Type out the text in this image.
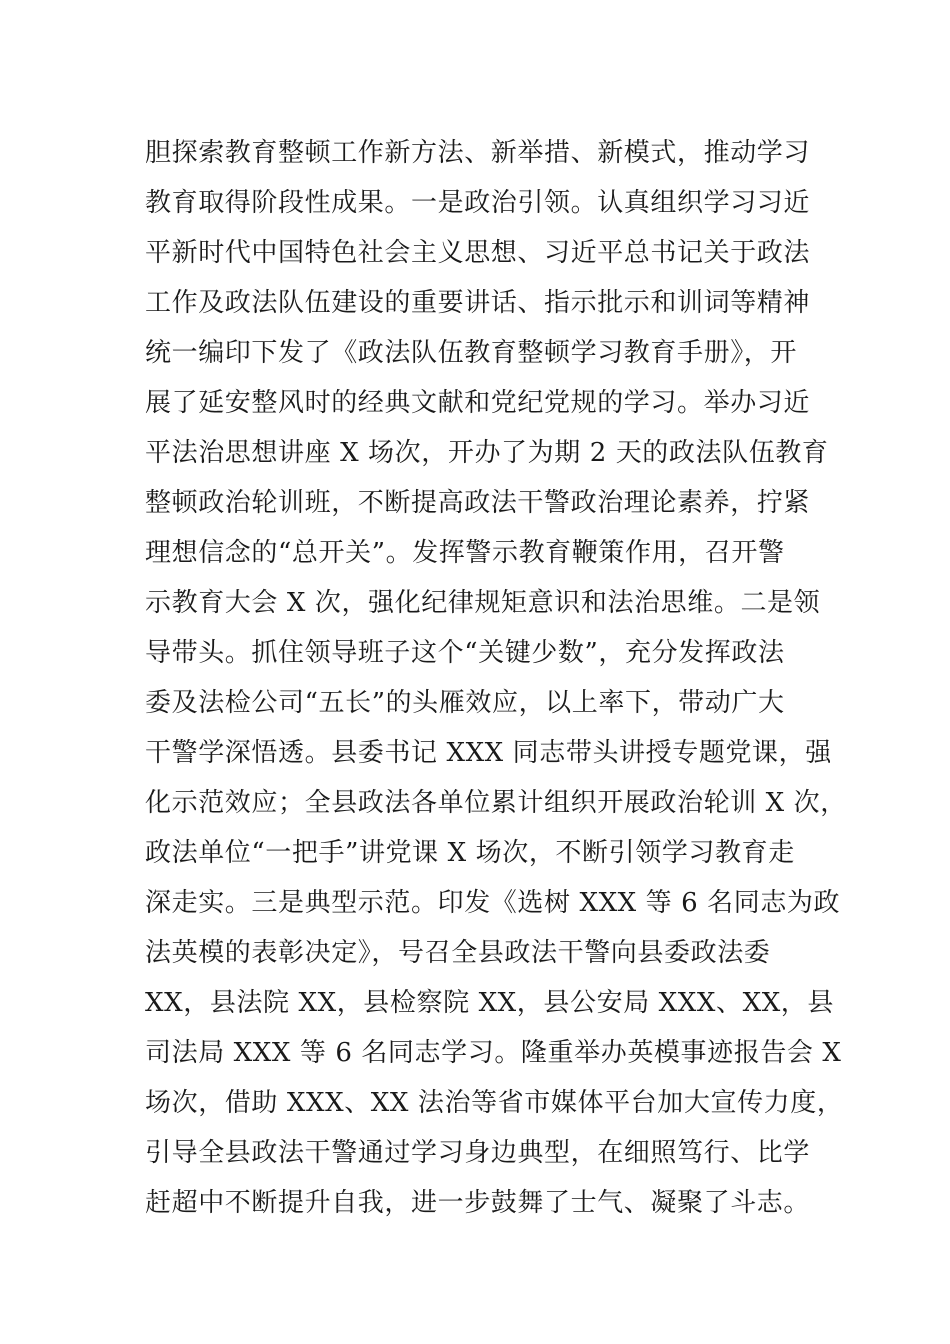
胆探索教育整顿工作新方法、新举措、新模式，推动学习
教育取得阶段性成果。一是政治引领。认真组织学习习近
平新时代中国特色社会主义思想、习近平总书记关于政法
工作及政法队伍建设的重要讲话、指示批示和训词等精神
统一编印下发了《政法队伍教育整顿学习教育手册》，开
展了延安整风时的经典文献和党纪党规的学习。举办习近
平法治思想讲座 X 场次，开办了为期 2 天的政法队伍教育
整顿政治轮训班，不断提高政法干警政治理论素养，拧紧
理想信念的“总开关”。发挥警示教育鞭策作用，召开警
示教育大会 X 次，强化纪律规矩意识和法治思维。二是领
导带头。抓住领导班子这个“关键少数”，充分发挥政法
委及法检公司“五长”的头雁效应，以上率下，带动广大
干警学深悟透。县委书记 XXX 同志带头讲授专题党课，强
化示范效应；全县政法各单位累计组织开展政治轮训 X 次，
政法单位“一把手”讲党课 X 场次，不断引领学习教育走
深走实。三是典型示范。印发《选树 XXX 等 6 名同志为政
法英模的表彰决定》，号召全县政法干警向县委政法委
XX，县法院 XX，县检察院 XX，县公安局 XXX、XX，县
司法局 XXX 等 6 名同志学习。隆重举办英模事迹报告会 X
场次，借助 XXX、XX 法治等省市媒体平台加大宣传力度，
引导全县政法干警通过学习身边典型，在细照笃行、比学
赶超中不断提升自我，进一步鼓舞了士气、凝聚了斗志。
